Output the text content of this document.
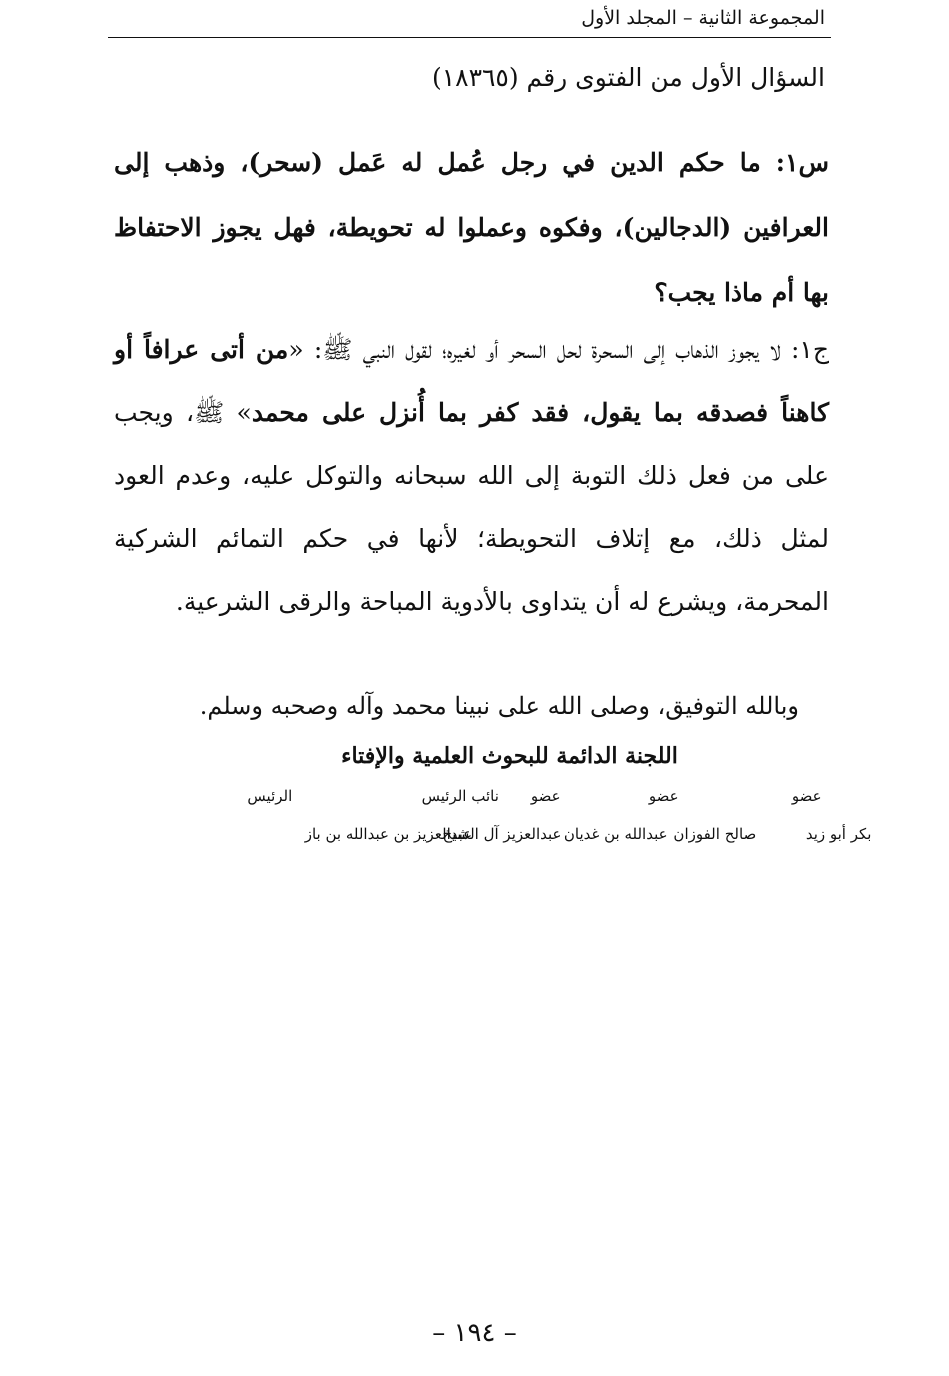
المجموعة الثانية – المجلد الأول
السؤال الأول من الفتوى رقم (١٨٣٦٥)
س١: ما حكم الدين في رجل عُمل له عَمل (سحر)، وذهب إلى العرافين (الدجالين)، وفكوه وعملوا له تحويطة، فهل يجوز الاحتفاظ بها أم ماذا يجب؟
ج١: لا يجوز الذهاب إلى السحرة لحل السحر أو لغيره؛ لقول النبي ﷺ: «من أتى عرافاً أو كاهناً فصدقه بما يقول، فقد كفر بما أُنزل على محمد» ﷺ، ويجب على من فعل ذلك التوبة إلى الله سبحانه والتوكل عليه، وعدم العود لمثل ذلك، مع إتلاف التحويطة؛ لأنها في حكم التمائم الشركية المحرمة، ويشرع له أن يتداوى بالأدوية المباحة والرقى الشرعية.
وبالله التوفيق، وصلى الله على نبينا محمد وآله وصحبه وسلم.
اللجنة الدائمة للبحوث العلمية والإفتاء
عضو
عضو
عضو
نائب الرئيس
الرئيس
بكر أبو زيد
صالح الفوزان
عبدالله بن غديان
عبدالعزيز آل الشيخ
عبدالعزيز بن عبدالله بن باز
– ١٩٤ –
